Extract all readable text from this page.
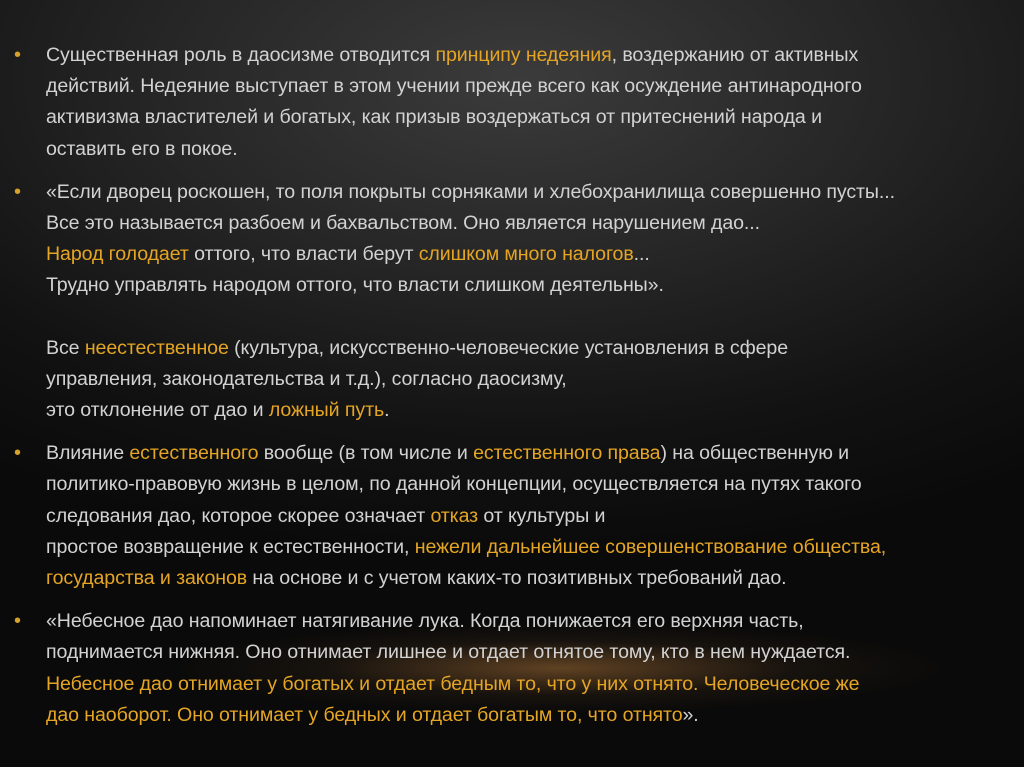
• Существенная роль в даосизме отводится принципу недеяния, воздержанию от активных
действий. Недеяние выступает в этом учении прежде всего как осуждение антинародного
активизма властителей и богатых, как призыв воздержаться от притеснений народа и
оставить его в покое.
• «Если дворец роскошен, то поля покрыты сорняками и хлебохранилища совершенно пусты...
Все это называется разбоем и бахвальством. Оно является нарушением дао...
Народ голодает оттого, что власти берут слишком много налогов...
Трудно управлять народом оттого, что власти слишком деятельны».
Все неестественное (культура, искусственно-человеческие установления в сфере
управления, законодательства и т.д.), согласно даосизму,
это отклонение от дао и ложный путь.
• Влияние естественного вообще (в том числе и естественного права) на общественную и
политико-правовую жизнь в целом, по данной концепции, осуществляется на путях такого
следования дао, которое скорее означает отказ от культуры и
простое возвращение к естественности, нежели дальнейшее совершенствование общества,
государства и законов на основе и с учетом каких-то позитивных требований дао.
• «Небесное дао напоминает натягивание лука. Когда понижается его верхняя часть,
поднимается нижняя. Оно отнимает лишнее и отдает отнятое тому, кто в нем нуждается.
Небесное дао отнимает у богатых и отдает бедным то, что у них отнято. Человеческое же
дао наоборот. Оно отнимает у бедных и отдает богатым то, что отнято».
